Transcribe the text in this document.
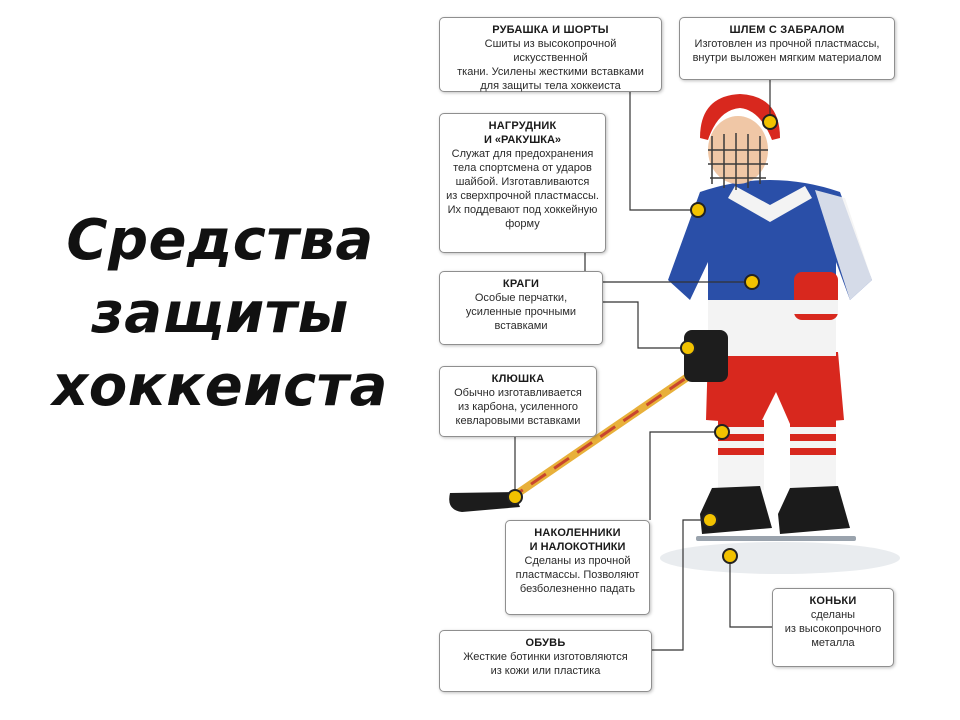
Средства
защиты
хоккеиста
РУБАШКА И ШОРТЫ
Сшиты из высокопрочной искусственной
ткани. Усилены жесткими вставками
для защиты тела хоккеиста
ШЛЕМ С ЗАБРАЛОМ
Изготовлен из прочной пластмассы,
внутри выложен мягким материалом
НАГРУДНИК
И «РАКУШКА»
Служат для предохранения
тела спортсмена от ударов
шайбой. Изготавливаются
из сверхпрочной пластмассы.
Их поддевают под хоккейную
форму
КРАГИ
Особые перчатки,
усиленные прочными
вставками
КЛЮШКА
Обычно изготавливается
из карбона, усиленного
кевларовыми вставками
НАКОЛЕННИКИ
И НАЛОКОТНИКИ
Сделаны из прочной
пластмассы. Позволяют
безболезненно падать
КОНЬКИ
сделаны
из высокопрочного
металла
ОБУВЬ
Жесткие ботинки изготовляются
из кожи или пластика
